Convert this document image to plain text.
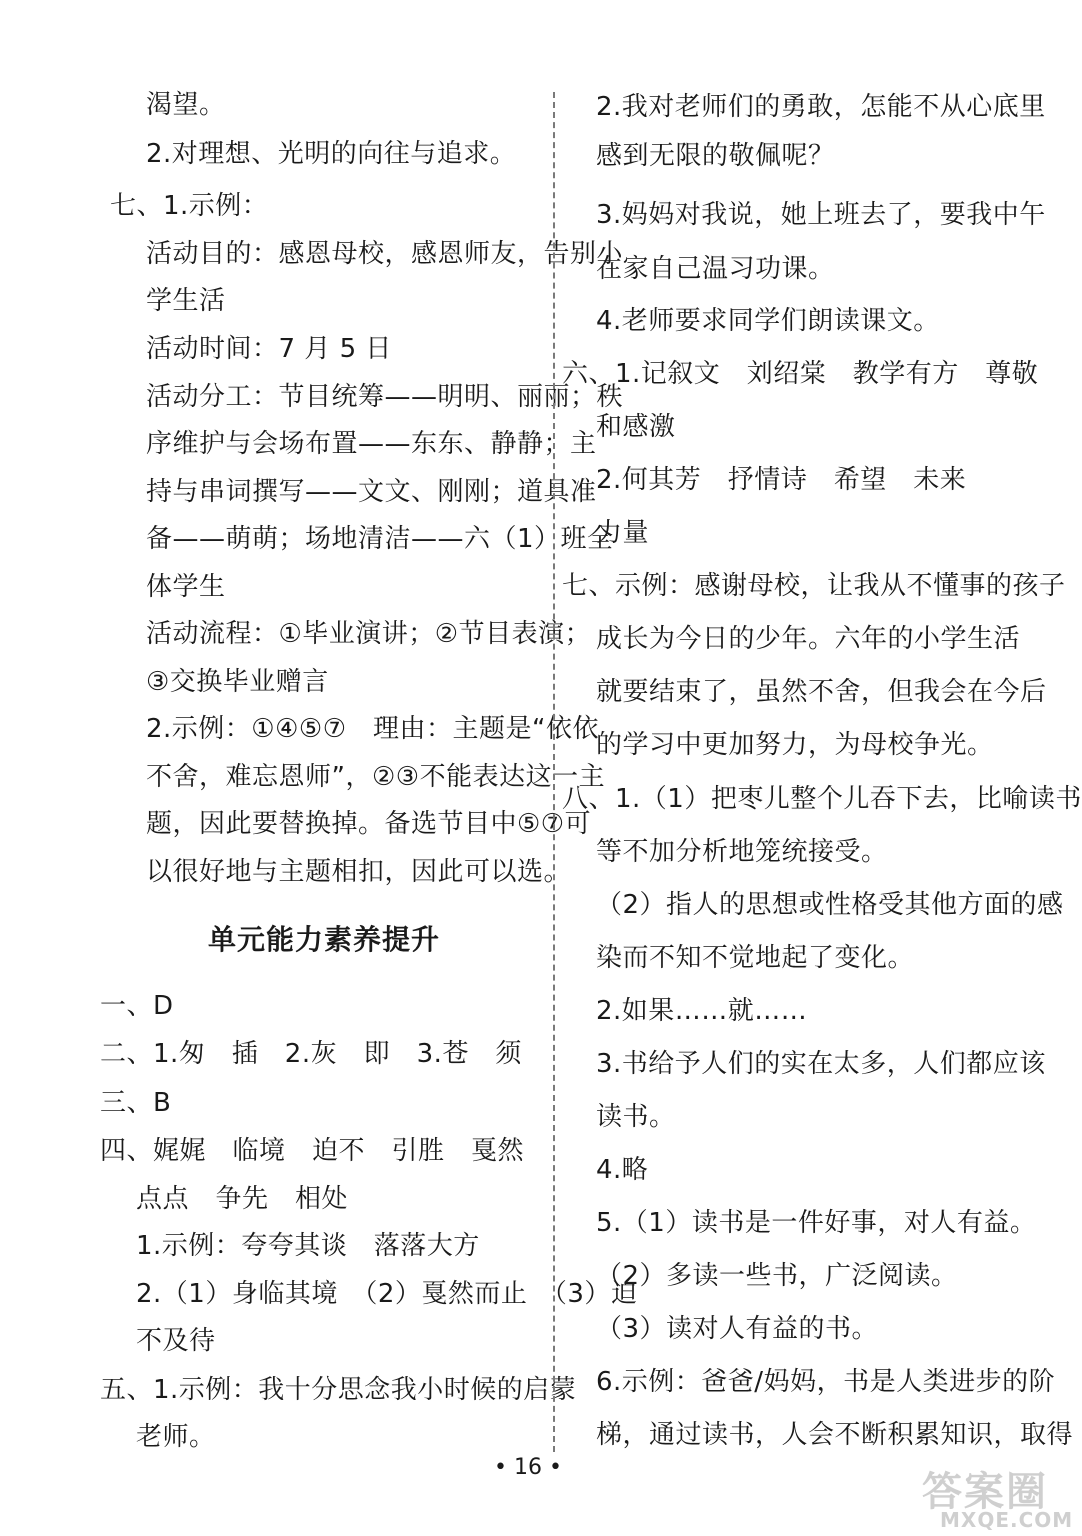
渴望。
2.对理想、光明的向往与追求。
七、1.示例：
活动目的：感恩母校，感恩师友，告别小
学生活
活动时间：7 月 5 日
活动分工：节目统筹——明明、丽丽；秩
序维护与会场布置——东东、静静；主
持与串词撰写——文文、刚刚；道具准
备——萌萌；场地清洁——六（1）班全
体学生
活动流程：①毕业演讲；②节目表演；
③交换毕业赠言
2.示例：①④⑤⑦　理由：主题是“依依
不舍，难忘恩师”，②③不能表达这一主
题，因此要替换掉。备选节目中⑤⑦可
以很好地与主题相扣，因此可以选。
单元能力素养提升
一、D
二、1.匆　插　2.灰　即　3.苍　须
三、B
四、娓娓　临境　迫不　引胜　戛然
点点　争先　相处
1.示例：夸夸其谈　落落大方
2.（1）身临其境　（2）戛然而止　（3）迫
不及待
五、1.示例：我十分思念我小时候的启蒙
老师。
2.我对老师们的勇敢，怎能不从心底里
感到无限的敬佩呢？
3.妈妈对我说，她上班去了，要我中午
在家自己温习功课。
4.老师要求同学们朗读课文。
六、1.记叙文　刘绍棠　教学有方　尊敬
和感激
2.何其芳　抒情诗　希望　未来
力量
七、示例：感谢母校，让我从不懂事的孩子
成长为今日的少年。六年的小学生活
就要结束了，虽然不舍，但我会在今后
的学习中更加努力，为母校争光。
八、1.（1）把枣儿整个儿吞下去，比喻读书
等不加分析地笼统接受。
（2）指人的思想或性格受其他方面的感
染而不知不觉地起了变化。
2.如果……就……
3.书给予人们的实在太多，人们都应该
读书。
4.略
5.（1）读书是一件好事，对人有益。
（2）多读一些书，广泛阅读。
（3）读对人有益的书。
6.示例：爸爸/妈妈，书是人类进步的阶
梯，通过读书，人会不断积累知识，取得
• 16 •
答案圈
MXQE.COM
